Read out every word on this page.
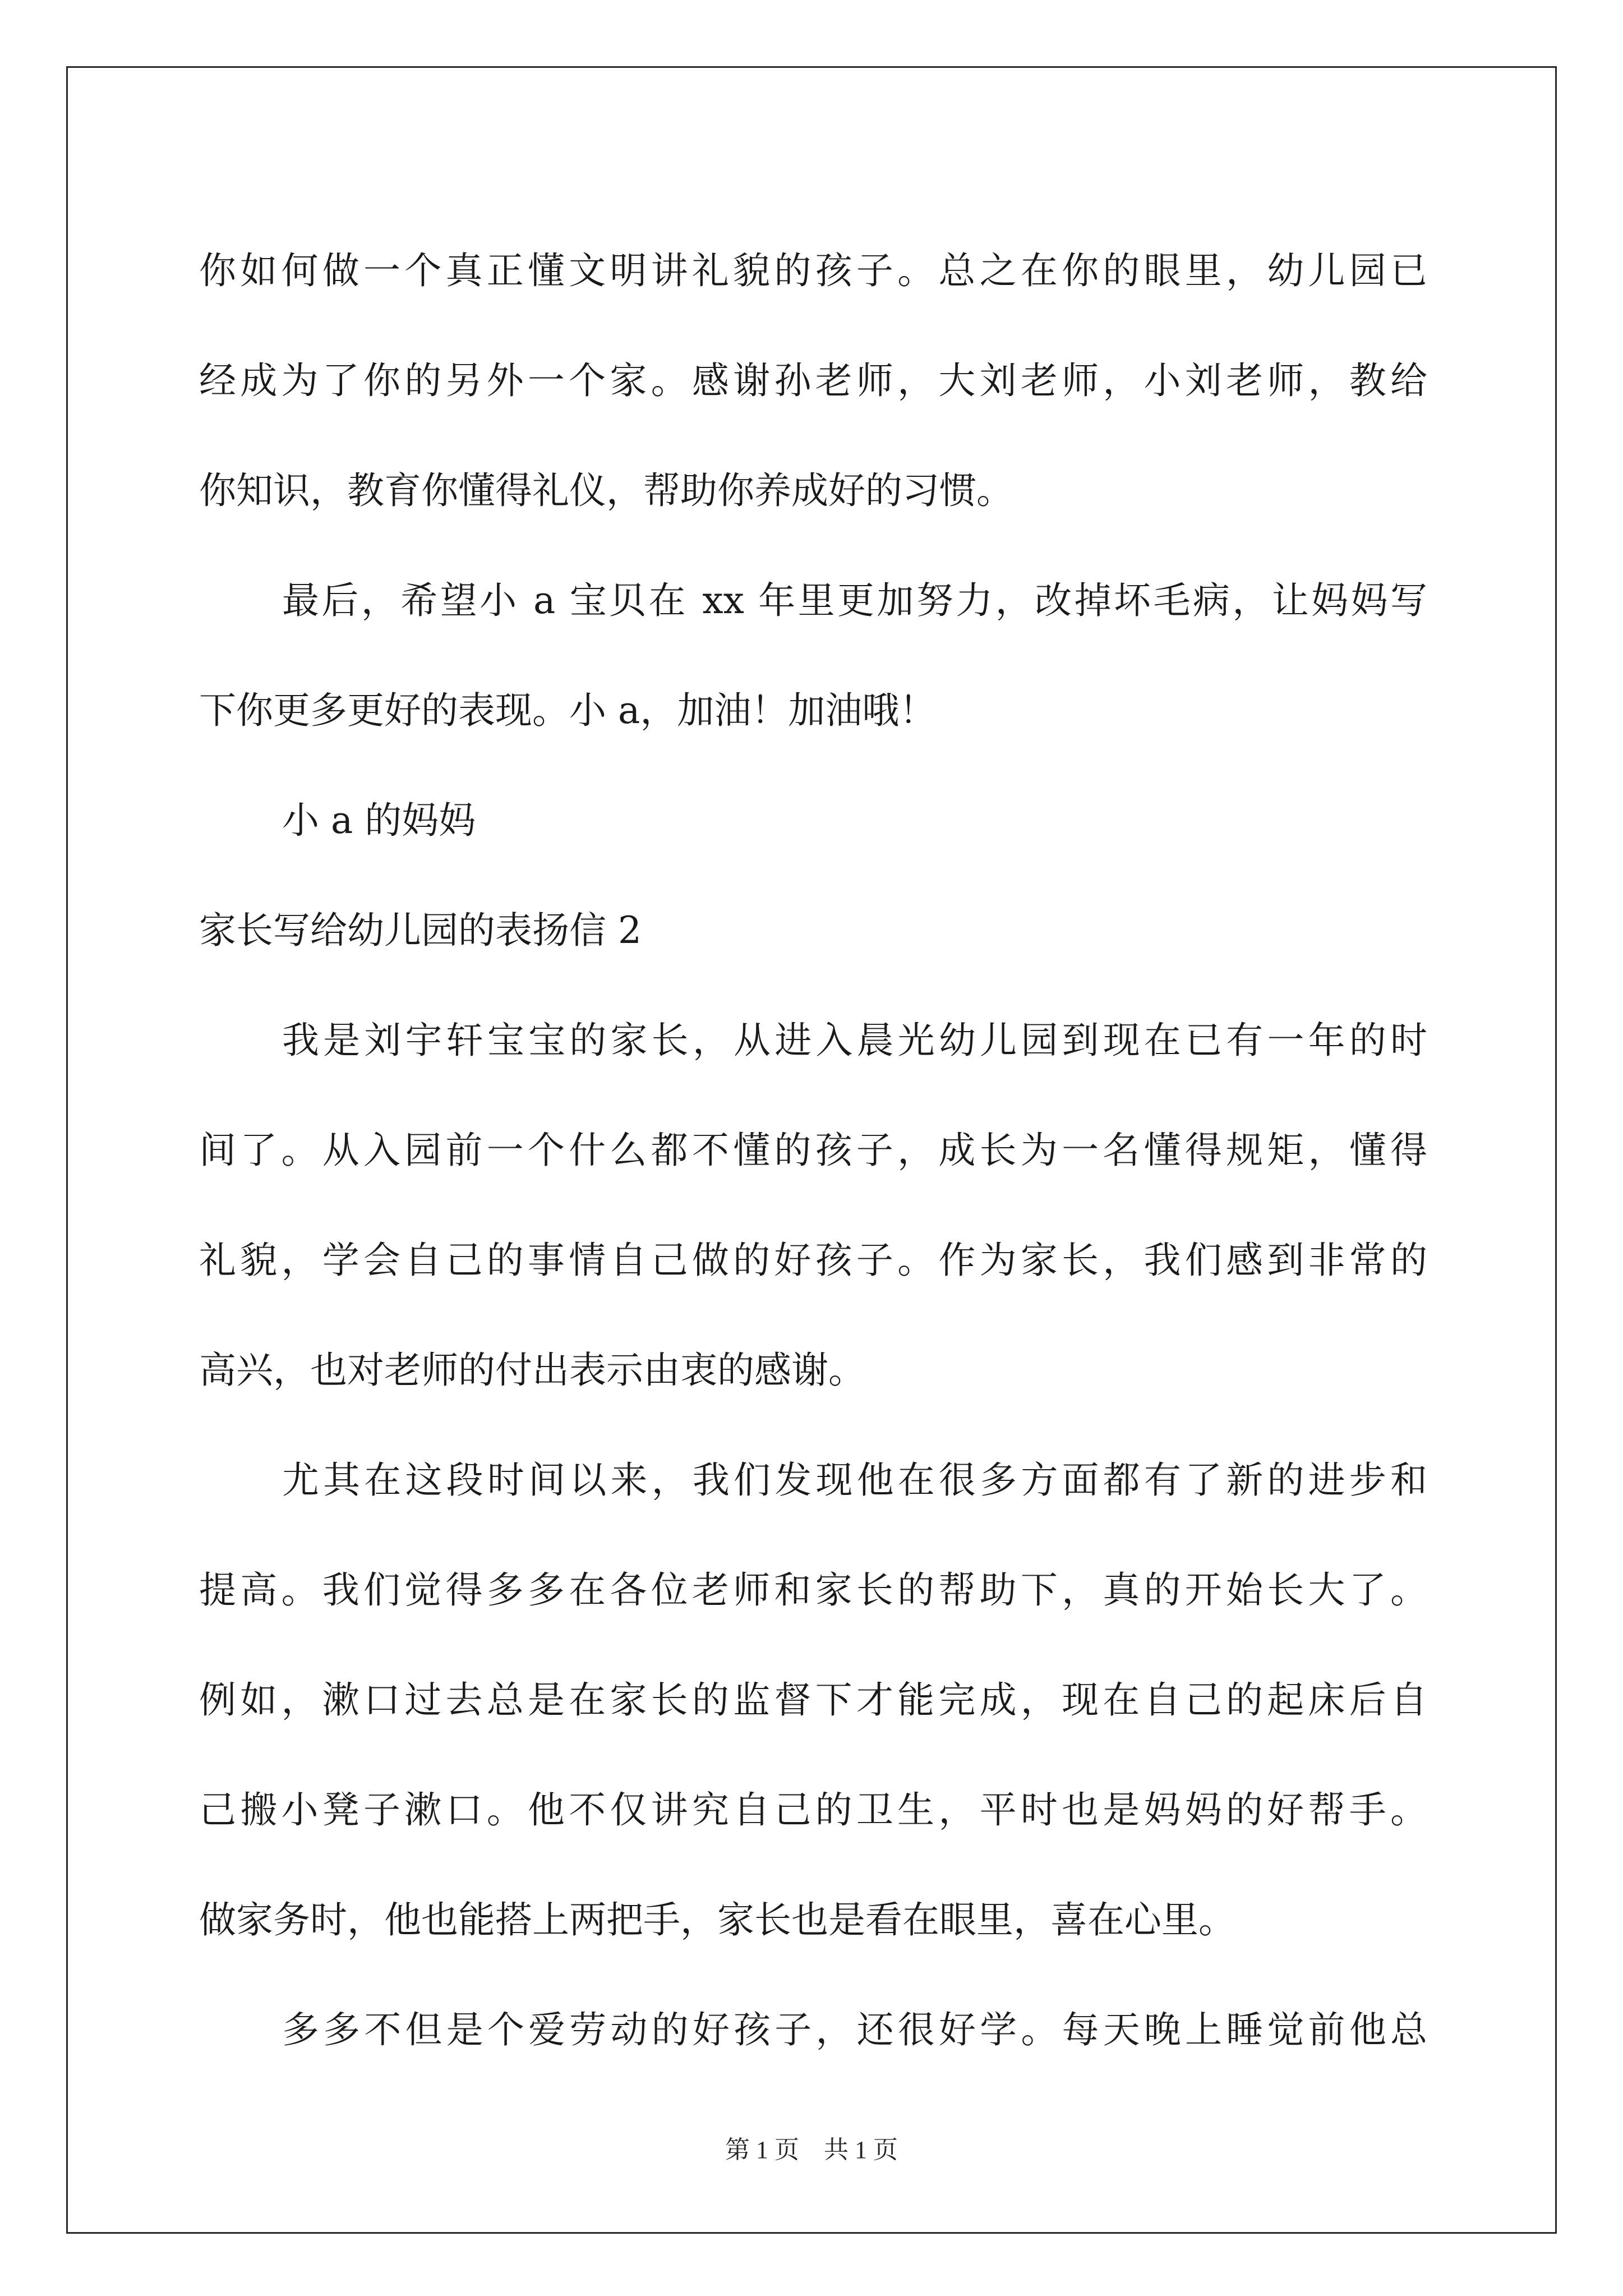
你如何做一个真正懂文明讲礼貌的孩子。总之在你的眼里，幼儿园已
经成为了你的另外一个家。感谢孙老师，大刘老师，小刘老师，教给
你知识，教育你懂得礼仪，帮助你养成好的习惯。
最后，希望小 a 宝贝在 xx 年里更加努力，改掉坏毛病，让妈妈写
下你更多更好的表现。小 a，加油！加油哦！
小 a 的妈妈
家长写给幼儿园的表扬信 2
我是刘宇轩宝宝的家长，从进入晨光幼儿园到现在已有一年的时
间了。从入园前一个什么都不懂的孩子，成长为一名懂得规矩，懂得
礼貌，学会自己的事情自己做的好孩子。作为家长，我们感到非常的
高兴，也对老师的付出表示由衷的感谢。
尤其在这段时间以来，我们发现他在很多方面都有了新的进步和
提高。我们觉得多多在各位老师和家长的帮助下，真的开始长大了。
例如，漱口过去总是在家长的监督下才能完成，现在自己的起床后自
己搬小凳子漱口。他不仅讲究自己的卫生，平时也是妈妈的好帮手。
做家务时，他也能搭上两把手，家长也是看在眼里，喜在心里。
多多不但是个爱劳动的好孩子，还很好学。每天晚上睡觉前他总
第 1 页　共 1 页
